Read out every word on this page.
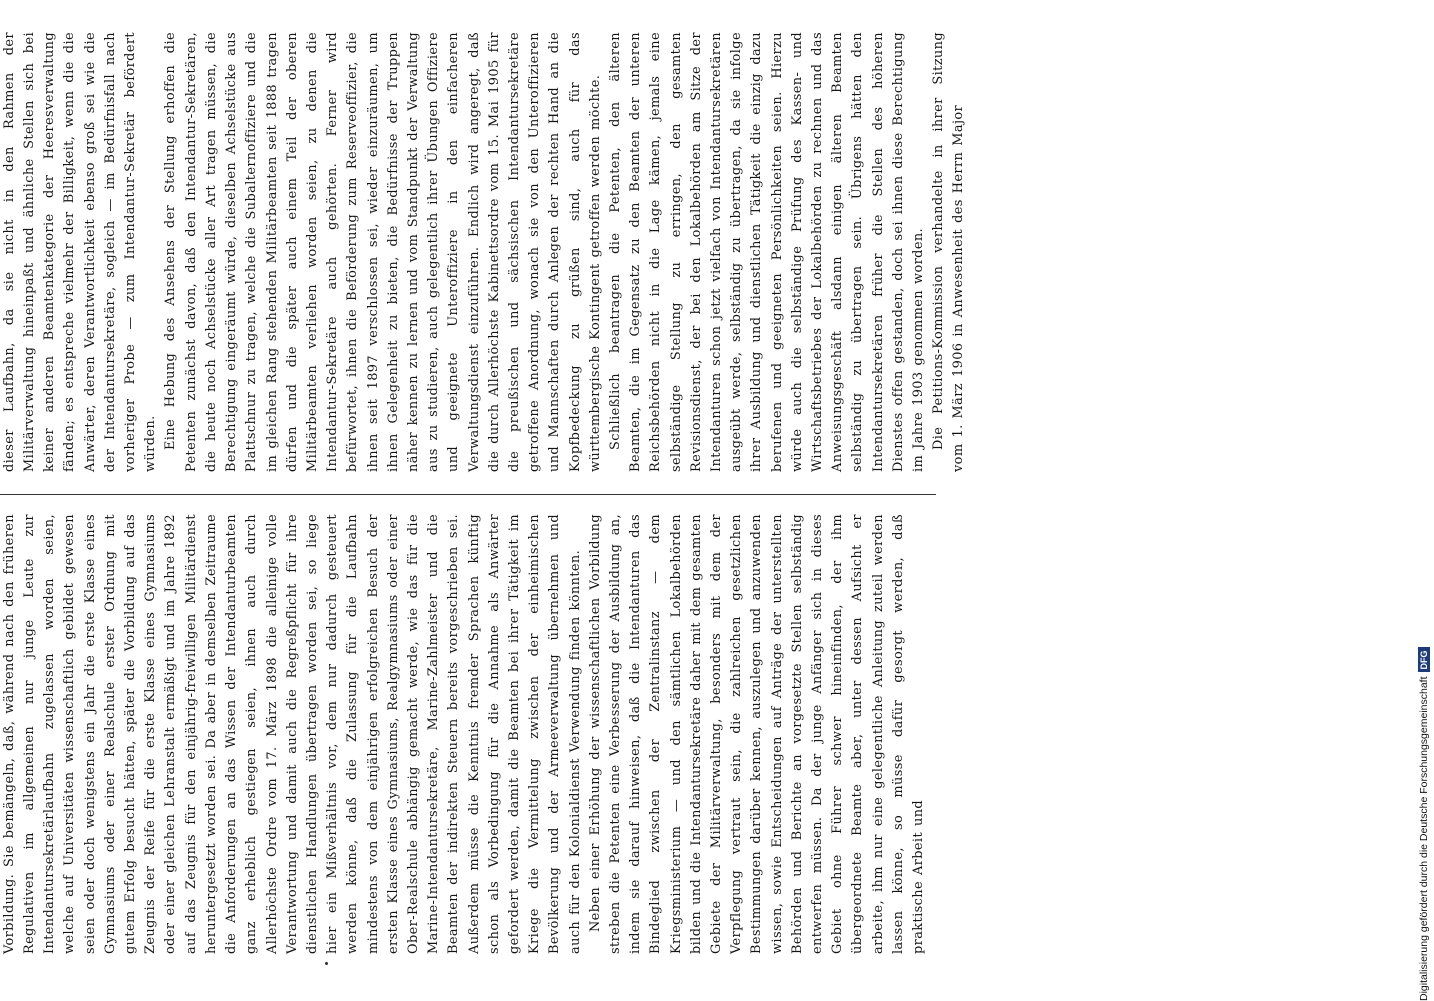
Vorbildung. Sie bemängeln, daß, während nach den früheren Regulativen im allgemeinen nur junge Leute zur Intendantursekretärlaufbahn zugelassen worden seien, welche auf Universitäten wissenschaftlich gebildet gewesen seien oder doch wenigstens ein Jahr die erste Klasse eines Gymnasiums oder einer Realschule erster Ordnung mit gutem Erfolg besucht hätten, später die Vorbildung auf das Zeugnis der Reife für die erste Klasse eines Gymnasiums oder einer gleichen Lehranstalt ermäßigt und im Jahre 1892 auf das Zeugnis für den einjährig-freiwilligen Militärdienst heruntergesetzt worden sei. Da aber in demselben Zeitraume die Anforderungen an das Wissen der Intendanturbeamten ganz erheblich gestiegen seien, ihnen auch durch Allerhöchste Ordre vom 17. März 1898 die alleinige volle Verantwortung und damit auch die Regreßpflicht für ihre dienstlichen Handlungen übertragen worden sei, so liege hier ein Mißverhältnis vor, dem nur dadurch gesteuert werden könne, daß die Zulassung für die Laufbahn mindestens von dem einjährigen erfolgreichen Besuch der ersten Klasse eines Gymnasiums, Realgymnasiums oder einer Ober-Realschule abhängig gemacht werde, wie das für die Marine-Intendantursekretäre, Marine-Zahlmeister und die Beamten der indirekten Steuern bereits vorgeschrieben sei. Außerdem müsse die Kenntnis fremder Sprachen künftig schon als Vorbedingung für die Annahme als Anwärter gefordert werden, damit die Beamten bei ihrer Tätigkeit im Kriege die Vermittelung zwischen der einheimischen Bevölkerung und der Armeeverwaltung übernehmen und auch für den Kolonialdienst Verwendung finden könnten. Neben einer Erhöhung der wissenschaftlichen Vorbildung streben die Petenten eine Verbesserung der Ausbildung an, indem sie darauf hinweisen, daß die Intendanturen das Bindeglied zwischen der Zentralinstanz — dem Kriegsministerium — und den sämtlichen Lokalbehörden bilden und die Intendantursekretäre daher mit dem gesamten Gebiete der Militärverwaltung, besonders mit dem der Verpflegung vertraut sein, die zahlreichen gesetzlichen Bestimmungen darüber kennen, auszulegen und anzuwenden wissen, sowie Entscheidungen auf Anträge der unterstellten Behörden und Berichte an vorgesetzte Stellen selbständig entwerfen müssen. Da der junge Anfänger sich in dieses Gebiet ohne Führer schwer hineinfinden, der ihm übergeordnete Beamte aber, unter dessen Aufsicht er arbeite, ihm nur eine gelegentliche Anleitung zuteil werden lassen könne, so müsse dafür gesorgt werden, daß praktische Arbeit und

dieser Laufbahn, da sie nicht in den Rahmen der Militärverwaltung hineinpaßt und ähnliche Stellen sich bei keiner anderen Beamtenkategorie der Heeresverwaltung fänden; es entspreche vielmehr der Billigkeit, wenn die die Anwärter, deren Verantwortlichkeit ebenso groß sei wie die der Intendantursekretäre, sogleich — im Bedürfnisfall nach vorheriger Probe — zum Intendantur-Sekretär befördert würden. Eine Hebung des Ansehens der Stellung erhoffen die Petenten zunächst davon, daß den Intendantur-Sekretären, die heute noch Achselstücke aller Art tragen müssen, die Berechtigung eingeräumt würde, dieselben Achselstücke aus Plattschnur zu tragen, welche die Subalternoffiziere und die im gleichen Rang stehenden Militärbeamten seit 1888 tragen dürfen und die später auch einem Teil der oberen Militärbeamten verliehen worden seien, zu denen die Intendantur-Sekretäre auch gehörten. Ferner wird befürwortet, ihnen die Beförderung zum Reserveoffizier, die ihnen seit 1897 verschlossen sei, wieder einzuräumen, um ihnen Gelegenheit zu bieten, die Bedürfnisse der Truppen näher kennen zu lernen und vom Standpunkt der Verwaltung aus zu studieren, auch gelegentlich ihrer Übungen Offiziere und geeignete Unteroffiziere in den einfacheren Verwaltungsdienst einzuführen. Endlich wird angeregt, daß die durch Allerhöchste Kabinettsordre vom 15. Mai 1905 für die preußischen und sächsischen Intendantursekretäre getroffene Anordnung, wonach sie von den Unteroffizieren und Mannschaften durch Anlegen der rechten Hand an die Kopfbedeckung zu grüßen sind, auch für das württembergische Kontingent getroffen werden möchte. Schließlich beantragen die Petenten, den älteren Beamten, die im Gegensatz zu den Beamten der unteren Reichsbehörden nicht in die Lage kämen, jemals eine selbständige Stellung zu erringen, den gesamten Revisionsdienst, der bei den Lokalbehörden am Sitze der Intendanturen schon jetzt vielfach von Intendantursekretären ausgeübt werde, selbständig zu übertragen, da sie infolge ihrer Ausbildung und dienstlichen Tätigkeit die einzig dazu berufenen und geeigneten Persönlichkeiten seien. Hierzu würde auch die selbständige Prüfung des Kassen- und Wirtschaftsbetriebes der Lokalbehörden zu rechnen und das Anweisungsgeschäft alsdann einigen älteren Beamten selbständig zu übertragen sein. Übrigens hätten den Intendantursekretären früher die Stellen des höheren Dienstes offen gestanden, doch sei ihnen diese Berechtigung im Jahre 1903 genommen worden. Die Petitions-Kommission verhandelte in ihrer Sitzung vom 1. März 1906 in Anwesenheit des Herrn Major

Digitalisierung gefördert durch die Deutsche Forschungsgemeinschaft
DFG
